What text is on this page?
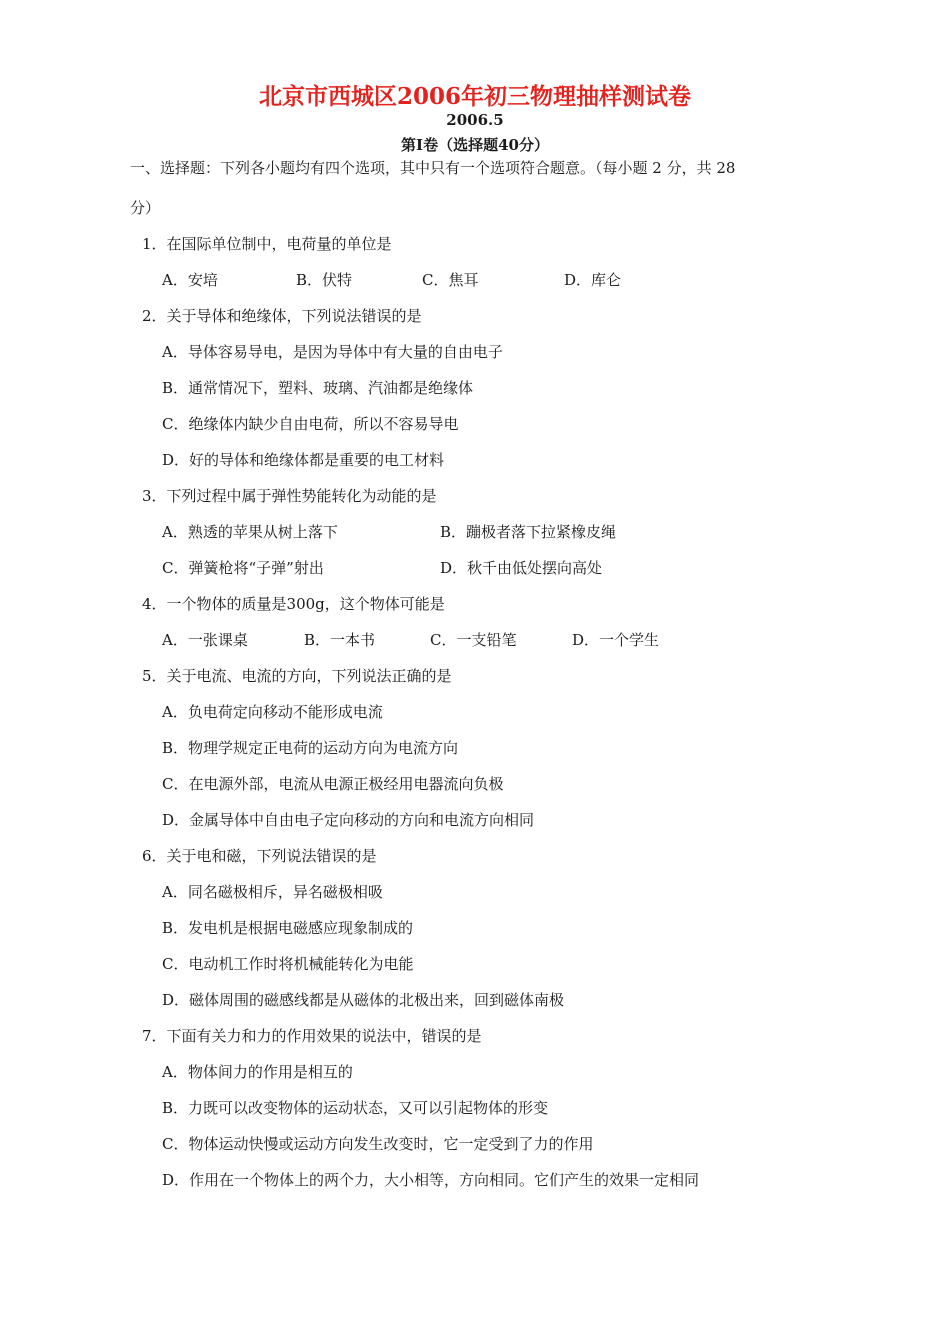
北京市西城区2006年初三物理抽样测试卷
2006.5
第Ⅰ卷（选择题40分）
一、选择题：下列各小题均有四个选项，其中只有一个选项符合题意。（每小题 2 分，共 28
分）
1．在国际单位制中，电荷量的单位是
A．安培	B．伏特	C．焦耳	D．库仑
2．关于导体和绝缘体，下列说法错误的是
A．导体容易导电，是因为导体中有大量的自由电子
B．通常情况下，塑料、玻璃、汽油都是绝缘体
C．绝缘体内缺少自由电荷，所以不容易导电
D．好的导体和绝缘体都是重要的电工材料
3．下列过程中属于弹性势能转化为动能的是
A．熟透的苹果从树上落下	B．蹦极者落下拉紧橡皮绳
C．弹簧枪将“子弹”射出	D．秋千由低处摆向高处
4．一个物体的质量是300g，这个物体可能是
A．一张课桌	B．一本书	C．一支铅笔	D．一个学生
5．关于电流、电流的方向，下列说法正确的是
A．负电荷定向移动不能形成电流
B．物理学规定正电荷的运动方向为电流方向
C．在电源外部，电流从电源正极经用电器流向负极
D．金属导体中自由电子定向移动的方向和电流方向相同
6．关于电和磁，下列说法错误的是
A．同名磁极相斥，异名磁极相吸
B．发电机是根据电磁感应现象制成的
C．电动机工作时将机械能转化为电能
D．磁体周围的磁感线都是从磁体的北极出来，回到磁体南极
7．下面有关力和力的作用效果的说法中，错误的是
A．物体间力的作用是相互的
B．力既可以改变物体的运动状态，又可以引起物体的形变
C．物体运动快慢或运动方向发生改变时，它一定受到了力的作用
D．作用在一个物体上的两个力，大小相等，方向相同。它们产生的效果一定相同
